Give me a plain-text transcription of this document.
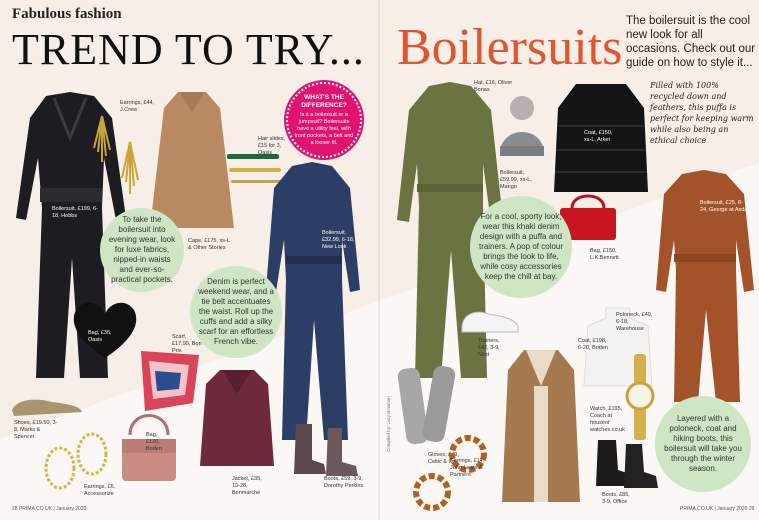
Fabulous fashion
TREND TO TRY... Boilersuits The boilersuit is the cool new look for all occasions. Check out our guide on how to style it...
Boilersuit, £199, 6-18, Hobbs
Earrings, £44, J.Crew
Cape, £175, xs-L & Other Stories
Hair slides, £15 for 3, Oasis
WHAT'S THE DIFFERENCE?
Is it a boilersuit or a jumpsuit? Boilersuits have a utility feel, with front pockets, a belt and a looser fit.
Boilersuit, £32.99, 6-18, New Look
To take the boilersuit into evening wear, look for luxe fabrics, nipped-in waists and ever-so-practical pockets.	Denim is perfect weekend wear, and a tie belt accentuates the waist. Roll up the cuffs and add a silky scarf for an effortless French vibe.
Bag, £35, Oasis	Scarf, £17.99, Bon Prix
Shoes, £19.50, 3-8, Marks & Spencer
Earrings, £6, Accessorize
Bag, £120, Boden
Jacket, £35, 10-28, Bonmarché
Boots, £59, 3-9, Dorothy Perkins
28 PRIMA.CO.UK | January 2020
Hat, £16, Oliver Bonas
Boilersuit, £59.99, xs-L, Mango
Coat, £150, xs-L, Arket
Filled with 100% recycled down and feathers, this puffa is perfect for keeping warm while also being an ethical choice
Bag, £150, L.K.Bennett
Boilersuit, £25, 8-24, George at Asda
For a cool, sporty look, wear this khaki denim design with a puffa and trainers. A pop of colour brings the look to life, while cosy accessories keep the chill at bay.
Trainers, £42, 3-9, Next
Poloneck, £49, 6-18, Warehouse
Coat, £198, 6-20, Boden
Layered with a poloneck, coat and hiking boots, this boilersuit will take you through the winter season.
Gloves, £49, Celtic & Co
Earrings, £14, John Lewis & Partners
Watch, £195, Coach at houseof watches.co.uk
Boots, £85, 3-9, Office
Compiled by: Lucy Bowman
PRIMA.CO.UK | January 2020 29
